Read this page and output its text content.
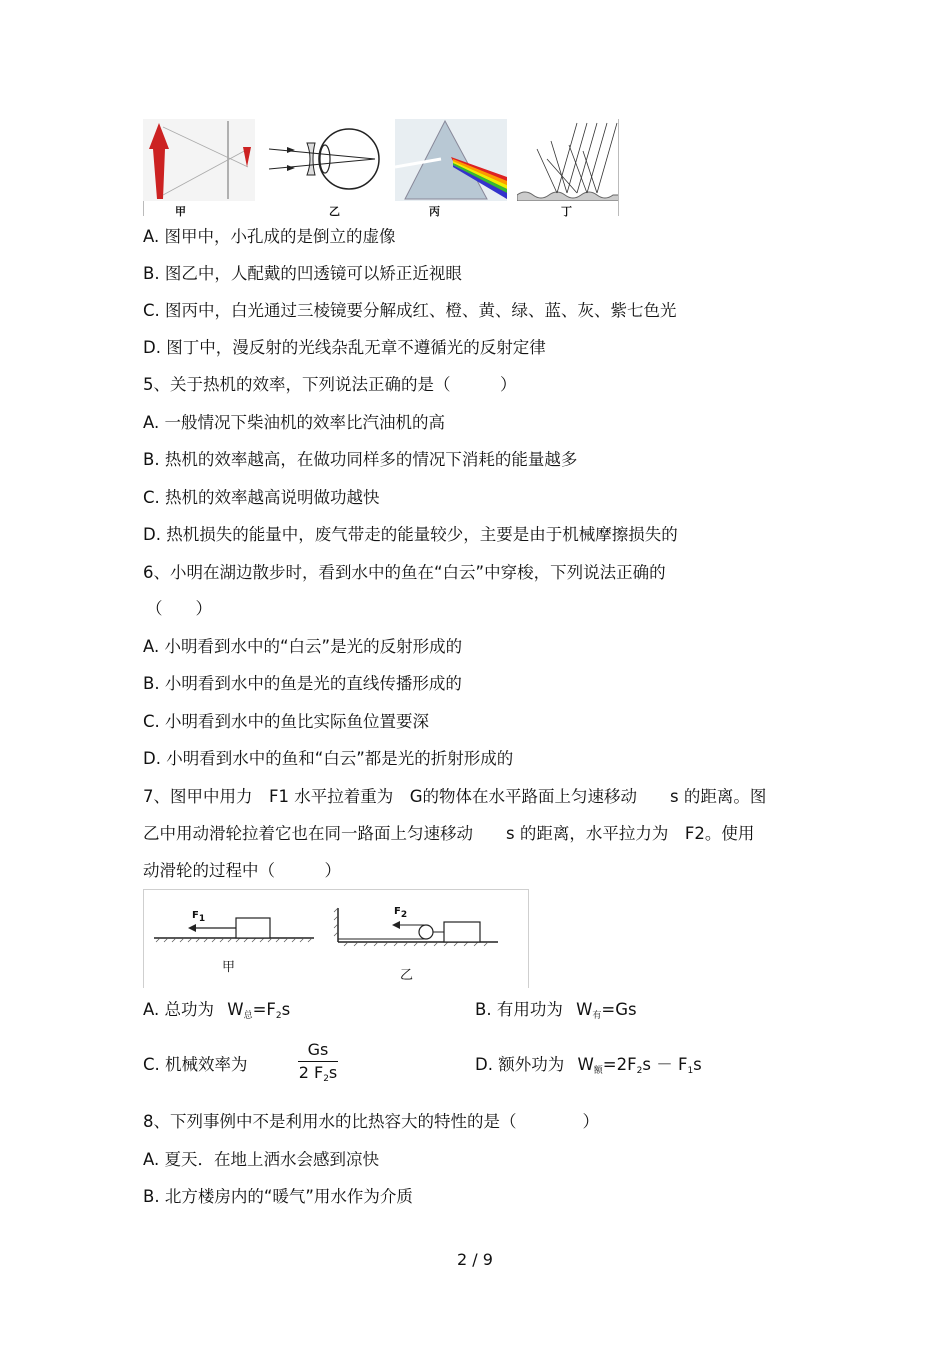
甲	乙	丙	丁
A. 图甲中，小孔成的是倒立的虚像
B. 图乙中，人配戴的凹透镜可以矫正近视眼
C. 图丙中，白光通过三棱镜要分解成红、橙、黄、绿、蓝、灰、紫七色光
D. 图丁中，漫反射的光线杂乱无章不遵循光的反射定律
5、关于热机的效率，下列说法正确的是（　　　）
A. 一般情况下柴油机的效率比汽油机的高
B. 热机的效率越高，在做功同样多的情况下消耗的能量越多
C. 热机的效率越高说明做功越快
D. 热机损失的能量中，废气带走的能量较少，主要是由于机械摩擦损失的
6、小明在湖边散步时，看到水中的鱼在“白云”中穿梭，下列说法正确的
（　　）
A. 小明看到水中的“白云”是光的反射形成的
B. 小明看到水中的鱼是光的直线传播形成的
C. 小明看到水中的鱼比实际鱼位置要深
D. 小明看到水中的鱼和“白云”都是光的折射形成的
7、图甲中用力　F1 水平拉着重为　G的物体在水平路面上匀速移动　　s 的距离。图
乙中用动滑轮拉着它也在同一路面上匀速移动　　s 的距离，水平拉力为　F2。使用
动滑轮的过程中（　　　）
F1
F2
甲
乙
A. 总功为 $W_总=F_2s$	B. 有用功为 $W_有=Gs$
C. 机械效率为
Gs
2 $F_2s$	D. 额外功为 $W_额=2F_2s - F_1s$
8、下列事例中不是利用水的比热容大的特性的是（　　　　）
A. 夏天．在地上洒水会感到凉快
B. 北方楼房内的“暖气”用水作为介质
2 / 9
